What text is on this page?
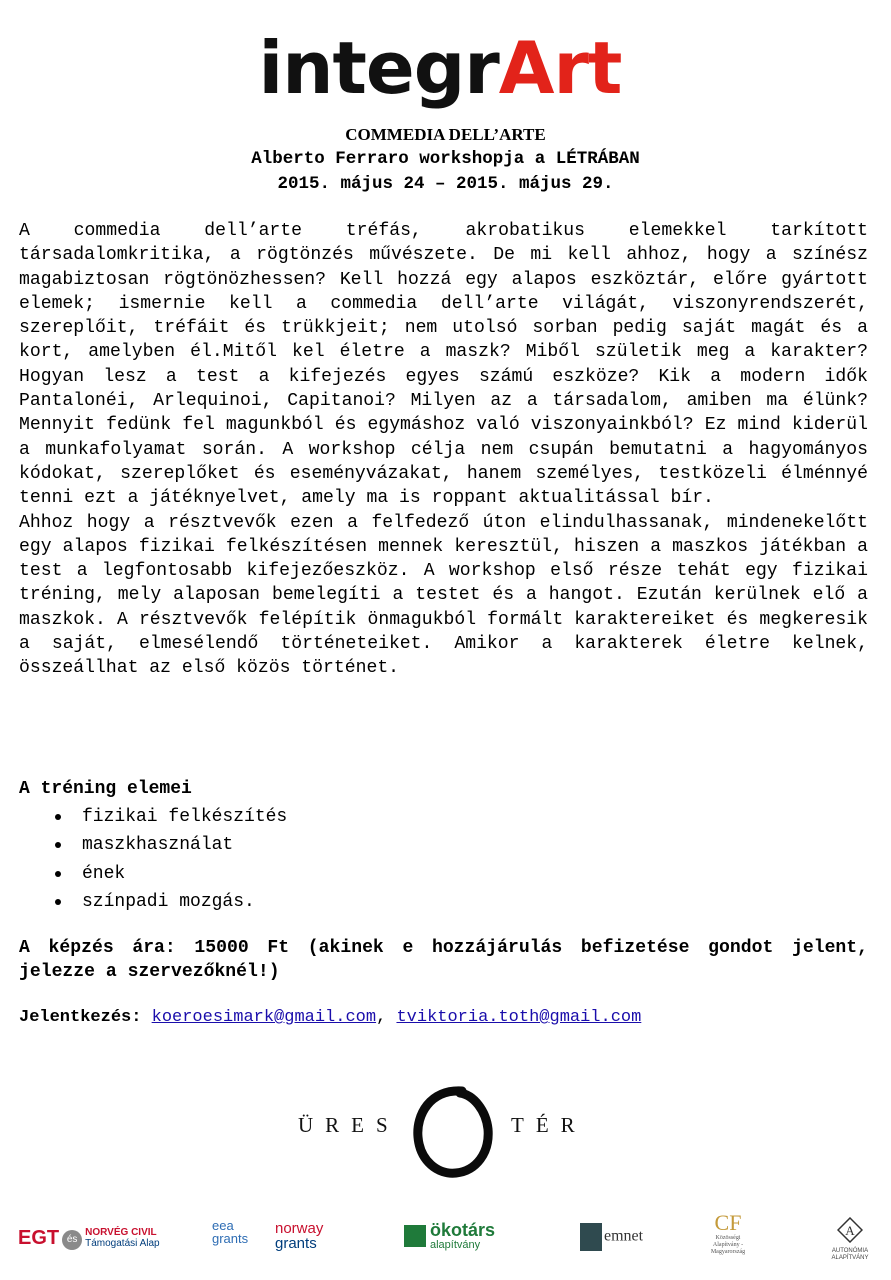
integrArt
COMMEDIA DELL’ARTE
Alberto Ferraro workshopja a LÉTRÁBAN
2015. május 24 – 2015. május 29.

A commedia dell’arte tréfás, akrobatikus elemekkel tarkított társadalomkritika, a rögtönzés művészete. De mi kell ahhoz, hogy a színész magabiztosan rögtönözhessen? Kell hozzá egy alapos eszköztár, előre gyártott elemek; ismernie kell a commedia dell’arte világát, viszonyrendszerét, szereplőit, tréfáit és trükkjeit; nem utolsó sorban pedig saját magát és a kort, amelyben él.Mitől kel életre a maszk? Miből születik meg a karakter? Hogyan lesz a test a kifejezés egyes számú eszköze? Kik a modern idők Pantalonéi, Arlequinoi, Capitanoi? Milyen az a társadalom, amiben ma élünk? Mennyit fedünk fel magunkból és egymáshoz való viszonyainkból? Ez mind kiderül a munkafolyamat során. A workshop célja nem csupán bemutatni a hagyományos kódokat, szereplőket és eseményvázakat, hanem személyes, testközeli élménnyé tenni ezt a játéknyelvet, amely ma is roppant aktualitással bír.

Ahhoz hogy a résztvevők ezen a felfedező úton elindulhassanak, mindenekelőtt egy alapos fizikai felkészítésen mennek keresztül, hiszen a maszkos játékban a test a legfontosabb kifejezőeszköz. A workshop első része tehát egy fizikai tréning, mely alaposan bemelegíti a testet és a hangot. Ezután kerülnek elő a maszkok. A résztvevők felépítik önmagukból formált karaktereiket és megkeresik a saját, elmesélendő történeteiket. Amikor a karakterek életre kelnek, összeállhat az első közös történet.

A tréning elemei
fizikai felkészítés
maszkhasználat
ének
színpadi mozgás.
A képzés ára: 15000 Ft (akinek e hozzájárulás befizetése gondot jelent, jelezze a szervezőknél!)
Jelentkezés: koeroesimark@gmail.com, tviktoria.toth@gmail.com
ÜRES	TÉR
EGT ésNORVÉG CIVIL
Támogatási Alap
eea
grants
norway
grants
ökotárs
alapítvány
emnet
CF
Közösségi Alapítvány - Magyarország
A
AUTONÓMIA ALAPÍTVÁNY
